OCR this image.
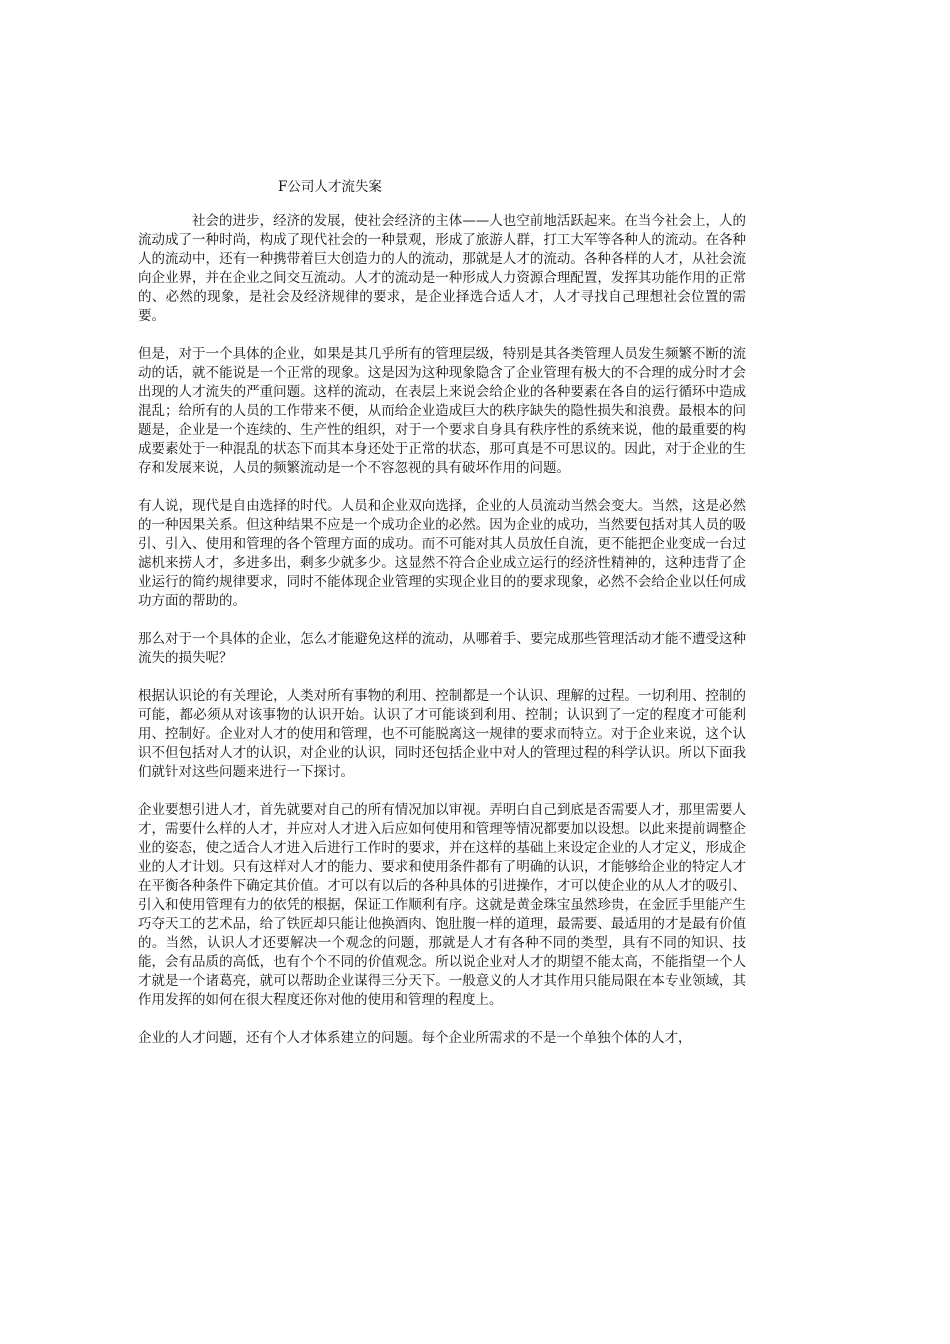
F公司人才流失案

社会的进步，经济的发展，使社会经济的主体——人也空前地活跃起来。在当今社会上，人的流动成了一种时尚，构成了现代社会的一种景观，形成了旅游人群，打工大军等各种人的流动。在各种人的流动中，还有一种携带着巨大创造力的人的流动，那就是人才的流动。各种各样的人才，从社会流向企业界，并在企业之间交互流动。人才的流动是一种形成人力资源合理配置，发挥其功能作用的正常的、必然的现象，是社会及经济规律的要求，是企业择选合适人才，人才寻找自己理想社会位置的需要。

但是，对于一个具体的企业，如果是其几乎所有的管理层级，特别是其各类管理人员发生频繁不断的流动的话，就不能说是一个正常的现象。这是因为这种现象隐含了企业管理有极大的不合理的成分时才会出现的人才流失的严重问题。这样的流动，在表层上来说会给企业的各种要素在各自的运行循环中造成混乱；给所有的人员的工作带来不便，从而给企业造成巨大的秩序缺失的隐性损失和浪费。最根本的问题是，企业是一个连续的、生产性的组织，对于一个要求自身具有秩序性的系统来说，他的最重要的构成要素处于一种混乱的状态下而其本身还处于正常的状态，那可真是不可思议的。因此，对于企业的生存和发展来说，人员的频繁流动是一个不容忽视的具有破坏作用的问题。

有人说，现代是自由选择的时代。人员和企业双向选择，企业的人员流动当然会变大。当然，这是必然的一种因果关系。但这种结果不应是一个成功企业的必然。因为企业的成功，当然要包括对其人员的吸引、引入、使用和管理的各个管理方面的成功。而不可能对其人员放任自流，更不能把企业变成一台过滤机来捞人才，多进多出，剩多少就多少。这显然不符合企业成立运行的经济性精神的，这种违背了企业运行的简约规律要求，同时不能体现企业管理的实现企业目的的要求现象，必然不会给企业以任何成功方面的帮助的。

那么对于一个具体的企业，怎么才能避免这样的流动，从哪着手、要完成那些管理活动才能不遭受这种流失的损失呢？

根据认识论的有关理论，人类对所有事物的利用、控制都是一个认识、理解的过程。一切利用、控制的可能，都必须从对该事物的认识开始。认识了才可能谈到利用、控制；认识到了一定的程度才可能利用、控制好。企业对人才的使用和管理，也不可能脱离这一规律的要求而特立。对于企业来说，这个认识不但包括对人才的认识，对企业的认识，同时还包括企业中对人的管理过程的科学认识。所以下面我们就针对这些问题来进行一下探讨。

企业要想引进人才，首先就要对自己的所有情况加以审视。弄明白自己到底是否需要人才，那里需要人才，需要什么样的人才，并应对人才进入后应如何使用和管理等情况都要加以设想。以此来提前调整企业的姿态，使之适合人才进入后进行工作时的要求，并在这样的基础上来设定企业的人才定义，形成企业的人才计划。只有这样对人才的能力、要求和使用条件都有了明确的认识，才能够给企业的特定人才在平衡各种条件下确定其价值。才可以有以后的各种具体的引进操作，才可以使企业的从人才的吸引、引入和使用管理有力的依凭的根据，保证工作顺利有序。这就是黄金珠宝虽然珍贵，在金匠手里能产生巧夺天工的艺术品，给了铁匠却只能让他换酒肉、饱肚腹一样的道理，最需要、最适用的才是最有价值的。当然，认识人才还要解决一个观念的问题，那就是人才有各种不同的类型，具有不同的知识、技能，会有品质的高低，也有个个不同的价值观念。所以说企业对人才的期望不能太高，不能指望一个人才就是一个诸葛亮，就可以帮助企业谋得三分天下。一般意义的人才其作用只能局限在本专业领域，其作用发挥的如何在很大程度还你对他的使用和管理的程度上。

企业的人才问题，还有个人才体系建立的问题。每个企业所需求的不是一个单独个体的人才，
